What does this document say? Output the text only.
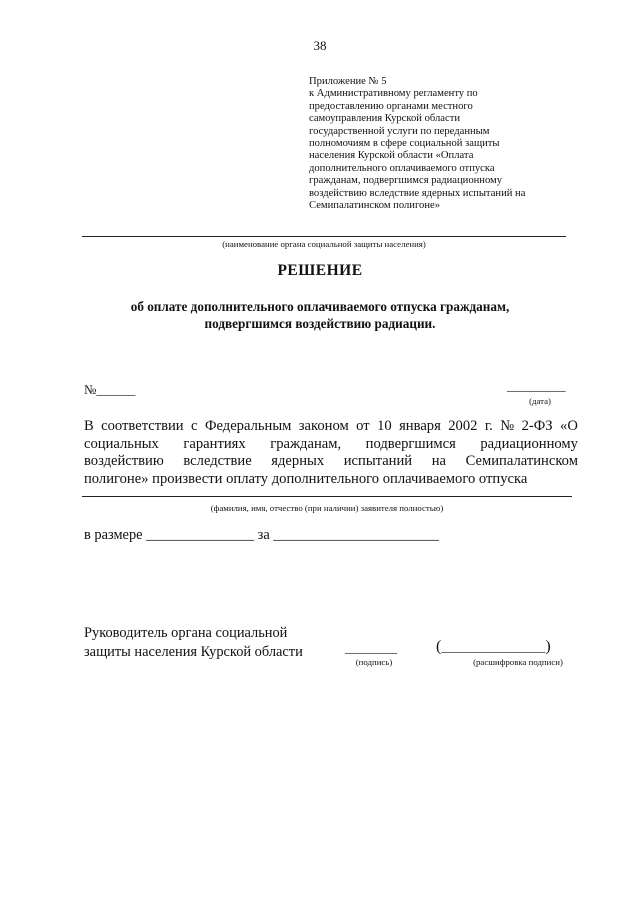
38
Приложение № 5
к Административному регламенту по
предоставлению органами местного
самоуправления Курской области
государственной услуги по переданным
полномочиям в сфере социальной защиты
населения Курской области «Оплата
дополнительного оплачиваемого отпуска
гражданам, подвергшимся радиационному
воздействию вследствие ядерных испытаний на
Семипалатинском полигоне»
(наименование органа социальной защиты населения)
РЕШЕНИЕ
об оплате дополнительного оплачиваемого отпуска гражданам,
подвергшимся воздействию радиации.
№______	_________
(дата)
В соответствии с Федеральным законом от 10 января 2002 г. № 2-ФЗ «О
социальных гарантиях гражданам, подвергшимся радиационному
воздействию вследствие ядерных испытаний на Семипалатинском
полигоне» произвести оплату дополнительного оплачиваемого отпуска
(фамилия, имя, отчество (при наличии) заявителя полностью)
в размере _______________ за _______________________
Руководитель органа социальной
защиты населения Курской области	________
(подпись)
(________________)
(расшифровка подписи)
